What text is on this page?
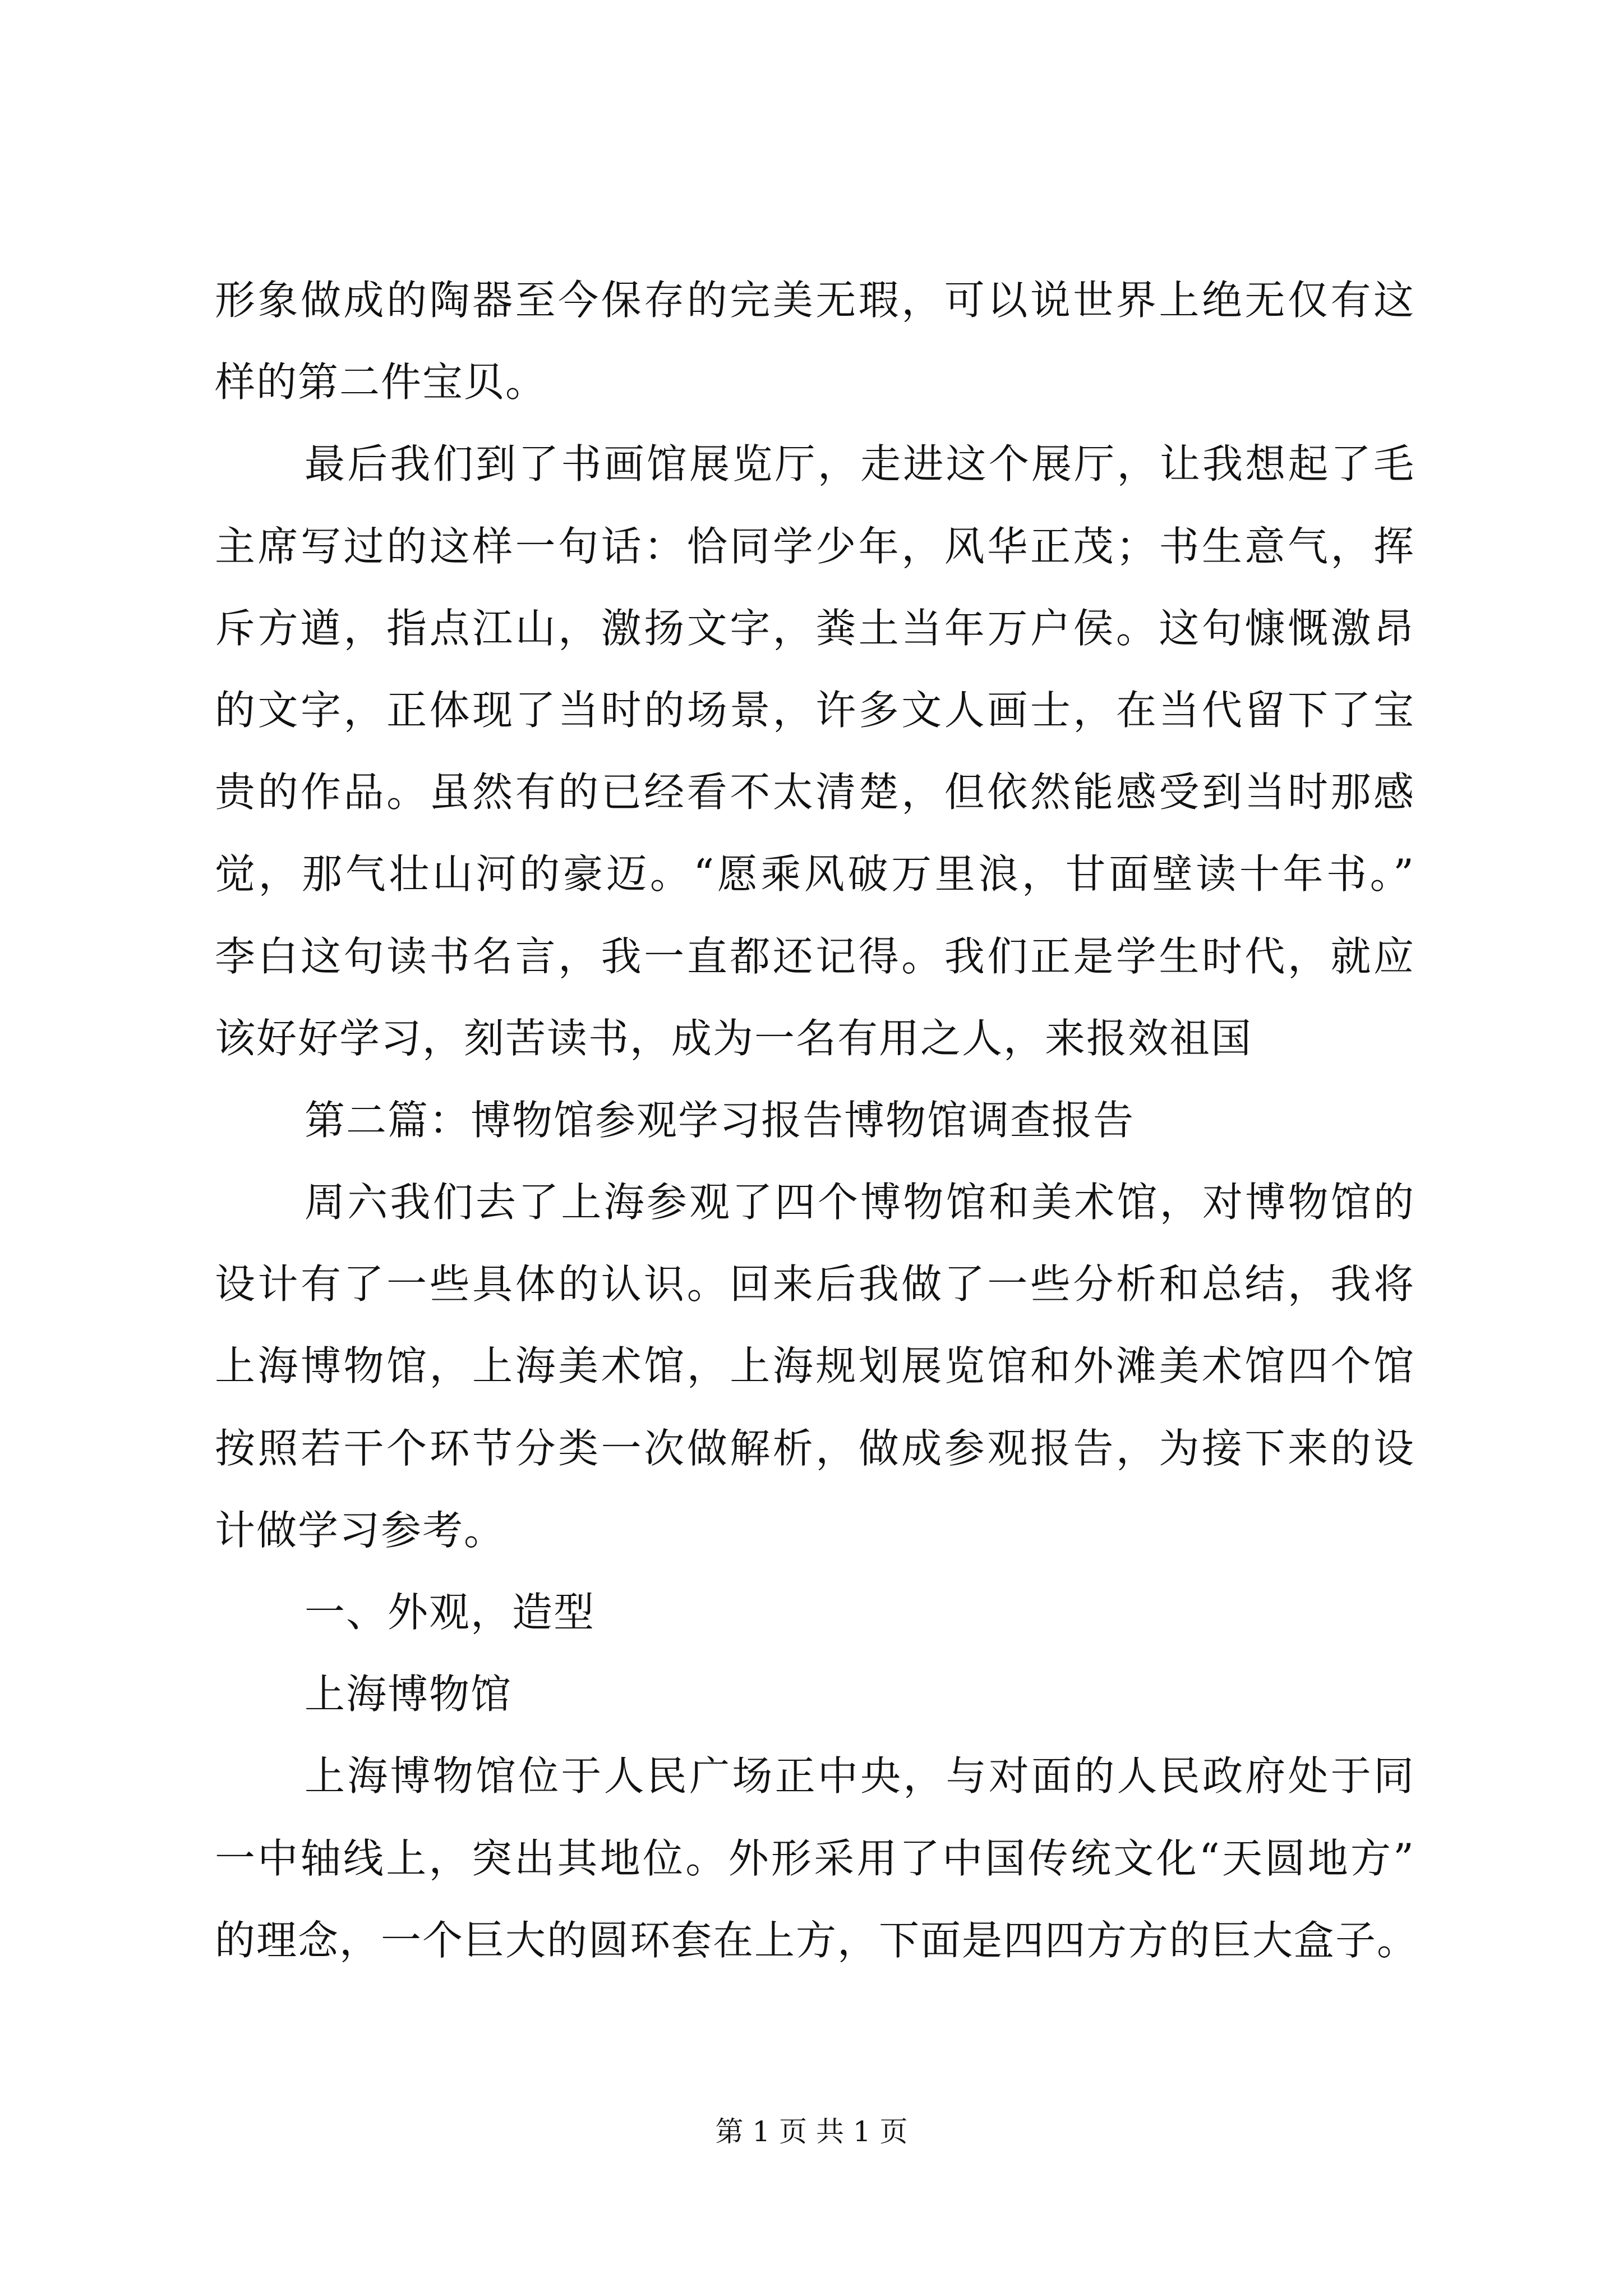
形象做成的陶器至今保存的完美无瑕，可以说世界上绝无仅有这
样的第二件宝贝。
最后我们到了书画馆展览厅，走进这个展厅，让我想起了毛
主席写过的这样一句话：恰同学少年，风华正茂；书生意气，挥
斥方遒，指点江山，激扬文字，粪土当年万户侯。这句慷慨激昂
的文字，正体现了当时的场景，许多文人画士，在当代留下了宝
贵的作品。虽然有的已经看不太清楚，但依然能感受到当时那感
觉，那气壮山河的豪迈。“愿乘风破万里浪，甘面壁读十年书。”
李白这句读书名言，我一直都还记得。我们正是学生时代，就应
该好好学习，刻苦读书，成为一名有用之人，来报效祖国
第二篇：博物馆参观学习报告博物馆调查报告
周六我们去了上海参观了四个博物馆和美术馆，对博物馆的
设计有了一些具体的认识。回来后我做了一些分析和总结，我将
上海博物馆，上海美术馆，上海规划展览馆和外滩美术馆四个馆
按照若干个环节分类一次做解析，做成参观报告，为接下来的设
计做学习参考。
一、外观，造型
上海博物馆
上海博物馆位于人民广场正中央，与对面的人民政府处于同
一中轴线上，突出其地位。外形采用了中国传统文化“天圆地方”
的理念，一个巨大的圆环套在上方，下面是四四方方的巨大盒子。
第 1 页 共 1 页
